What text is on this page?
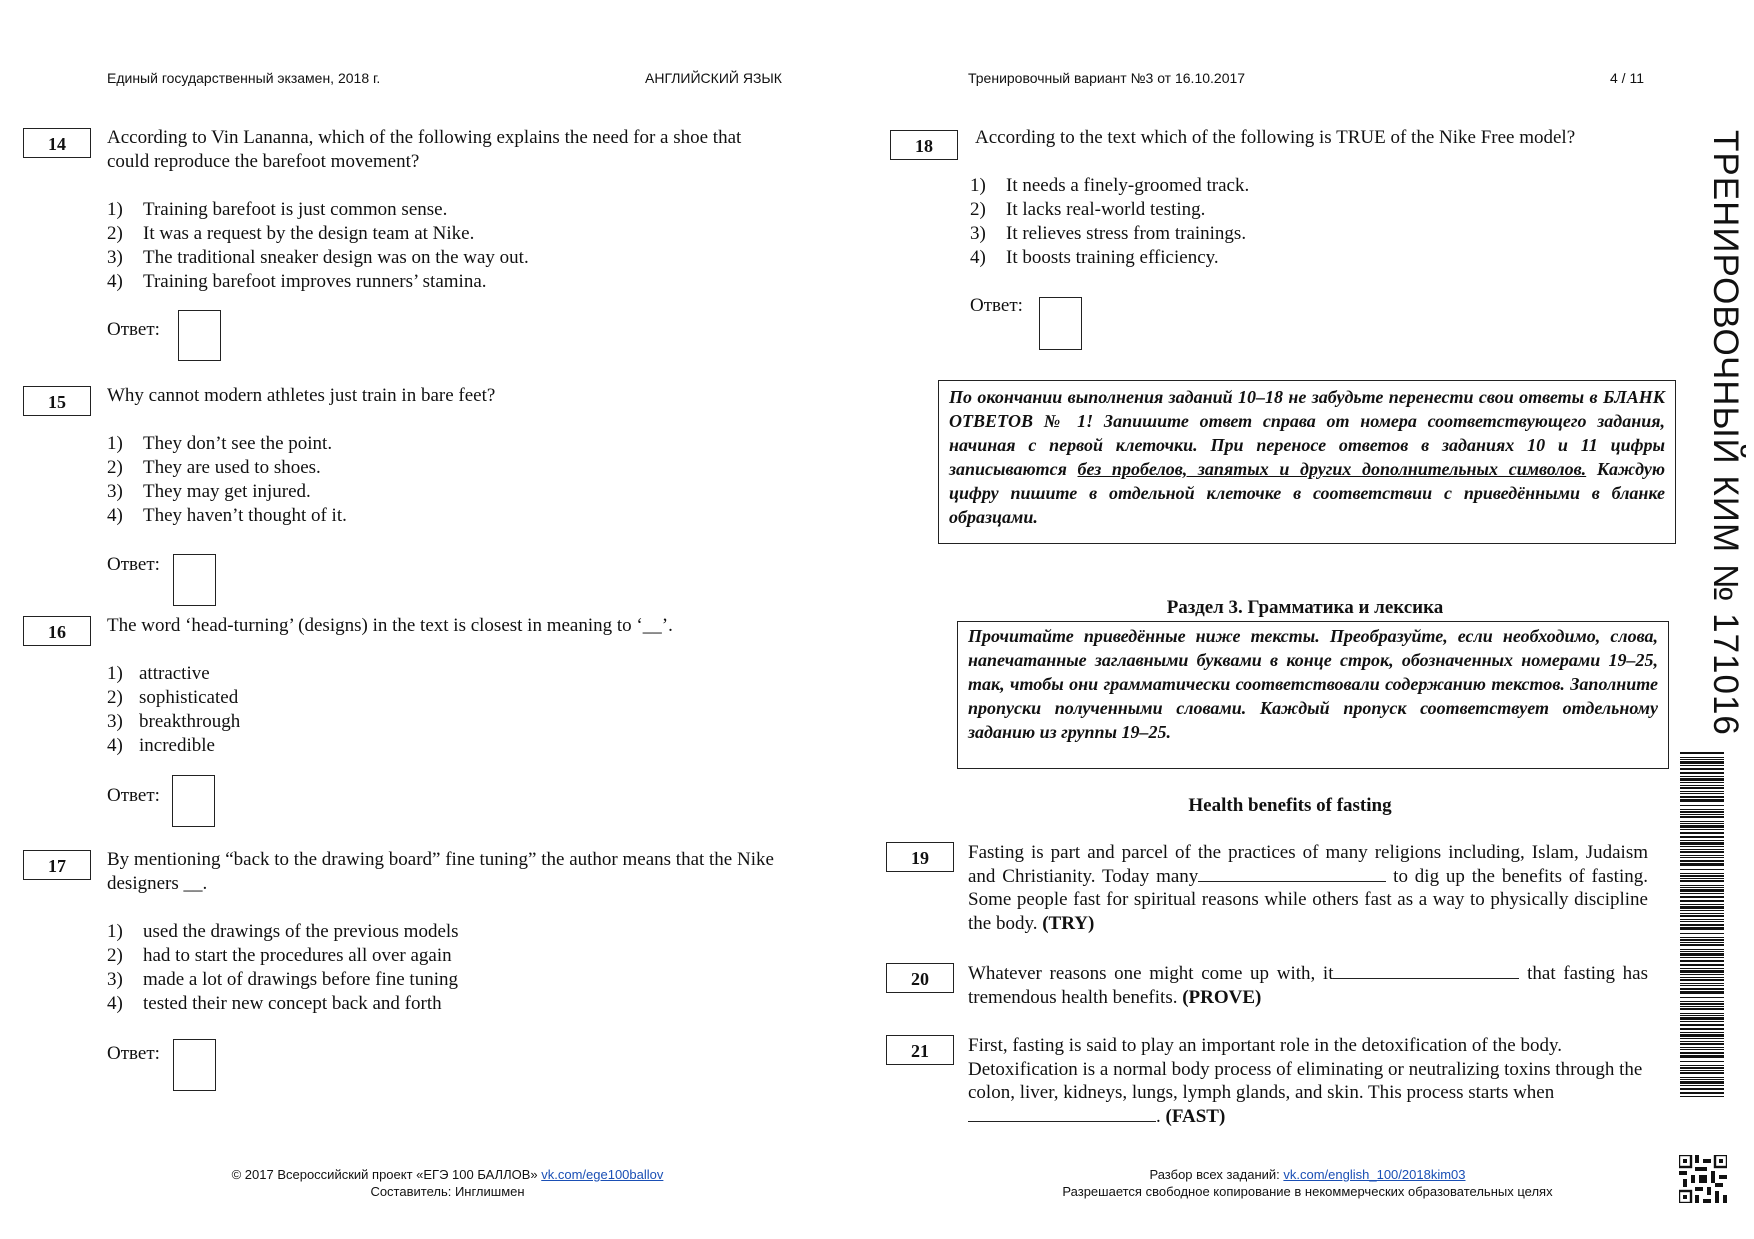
Единый государственный экзамен, 2018 г.	АНГЛИЙСКИЙ ЯЗЫК	Тренировочный вариант №3 от 16.10.2017	4 / 11
14	According to Vin Lananna, which of the following explains the need for a shoe that could reproduce the barefoot movement?
1)	Training barefoot is just common sense.
2)	It was a request by the design team at Nike.
3)	The traditional sneaker design was on the way out.
4)	Training barefoot improves runners’ stamina.
Ответ:
15	Why cannot modern athletes just train in bare feet?
1)	They don’t see the point.
2)	They are used to shoes.
3)	They may get injured.
4)	They haven’t thought of it.
Ответ:
16	The word ‘head-turning’ (designs) in the text is closest in meaning to ‘__’.
1) attractive
2) sophisticated
3) breakthrough
4) incredible
Ответ:
17	By mentioning “back to the drawing board” fine tuning” the author means that the Nike designers __.
1)	used the drawings of the previous models
2)	had to start the procedures all over again
3)	made a lot of drawings before fine tuning
4)	tested their new concept back and forth
Ответ:
18	According to the text which of the following is TRUE of the Nike Free model?
1)	It needs a finely-groomed track.
2)	It lacks real-world testing.
3)	It relieves stress from trainings.
4)	It boosts training efficiency.
Ответ:
По окончании выполнения заданий 10–18 не забудьте перенести свои ответы в БЛАНК ОТВЕТОВ № 1! Запишите ответ справа от номера соответствующего задания, начиная с первой клеточки. При переносе ответов в заданиях 10 и 11 цифры записываются без пробелов, запятых и других дополнительных символов. Каждую цифру пишите в отдельной клеточке в соответствии с приведёнными в бланке образцами.
Раздел 3. Грамматика и лексика
Прочитайте приведённые ниже тексты. Преобразуйте, если необходимо, слова, напечатанные заглавными буквами в конце строк, обозначенных номерами 19–25, так, чтобы они грамматически соответствовали содержанию текстов. Заполните пропуски полученными словами. Каждый пропуск соответствует отдельному заданию из группы 19–25.
Health benefits of fasting
19	Fasting is part and parcel of the practices of many religions including, Islam, Judaism and Christianity. Today many	to dig up the benefits of fasting. Some people fast for spiritual reasons while others fast as a way to physically discipline the body. (TRY)
20	Whatever reasons one might come up with, it	that fasting has tremendous health benefits. (PROVE)
21	First, fasting is said to play an important role in the detoxification of the body. Detoxification is a normal body process of eliminating or neutralizing toxins through the colon, liver, kidneys, lungs, lymph glands, and skin. This process starts when. (FAST)
ТРЕНИРОВОЧНЫЙ КИМ № 171016
© 2017 Всероссийский проект «ЕГЭ 100 БАЛЛОВ» vk.com/ege100ballov
Составитель: Инглишмен
Разбор всех заданий: vk.com/english_100/2018kim03
Разрешается свободное копирование в некоммерческих образовательных целях
